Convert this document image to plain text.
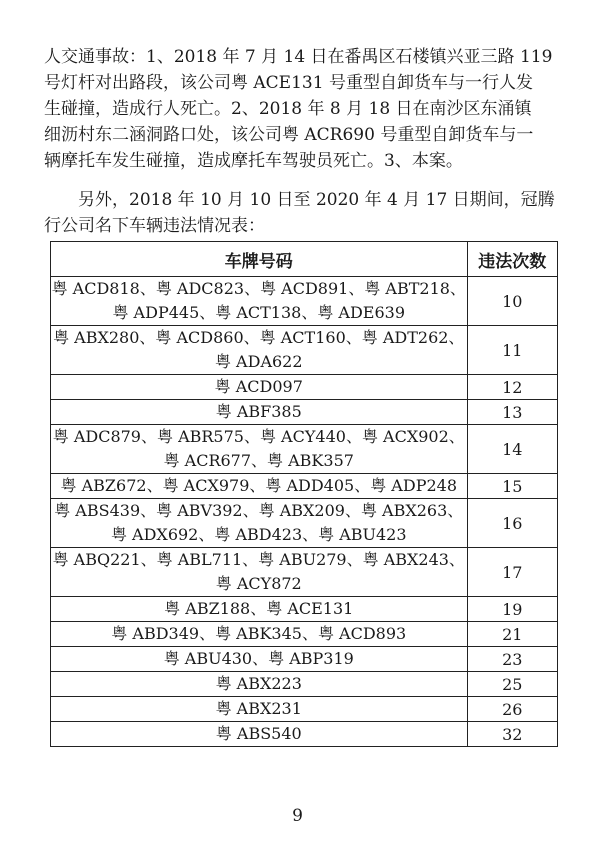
人交通事故：1、2018 年 7 月 14 日在番禺区石楼镇兴亚三路 119
号灯杆对出路段，该公司粤 ACE131 号重型自卸货车与一行人发
生碰撞，造成行人死亡。2、2018 年 8 月 18 日在南沙区东涌镇
细沥村东二涵洞路口处，该公司粤 ACR690 号重型自卸货车与一
辆摩托车发生碰撞，造成摩托车驾驶员死亡。3、本案。
另外，2018 年 10 月 10 日至 2020 年 4 月 17 日期间，冠腾
行公司名下车辆违法情况表：
车牌号码	违法次数

粤 ACD818、粤 ADC823、粤 ACD891、粤 ABT218、
粤 ADP445、粤 ACT138、粤 ADE639	10

粤 ABX280、粤 ACD860、粤 ACT160、粤 ADT262、
粤 ADA622	11

粤 ACD097	12

粤 ABF385	13

粤 ADC879、粤 ABR575、粤 ACY440、粤 ACX902、
粤 ACR677、粤 ABK357	14

粤 ABZ672、粤 ACX979、粤 ADD405、粤 ADP248	15

粤 ABS439、粤 ABV392、粤 ABX209、粤 ABX263、
粤 ADX692、粤 ABD423、粤 ABU423	16

粤 ABQ221、粤 ABL711、粤 ABU279、粤 ABX243、
粤 ACY872	17

粤 ABZ188、粤 ACE131	19

粤 ABD349、粤 ABK345、粤 ACD893	21

粤 ABU430、粤 ABP319	23

粤 ABX223	25

粤 ABX231	26

粤 ABS540	32
9
